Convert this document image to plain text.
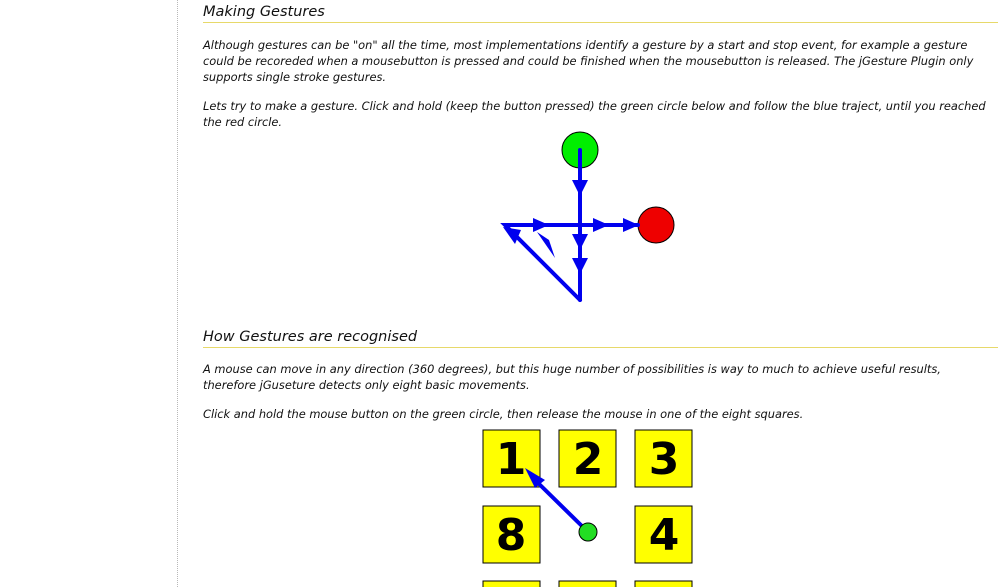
Making Gestures

Although gestures can be "on" all the time, most implementations identify a gesture by a start and stop event, for example a gesture could be recoreded when a mousebutton is pressed and could be finished when the mousebutton is released. The jGesture Plugin only supports single stroke gestures.

Lets try to make a gesture. Click and hold (keep the button pressed) the green circle below and follow the blue traject, until you reached the red circle.

How Gestures are recognised

A mouse can move in any direction (360 degrees), but this huge number of possibilities is way to much to achieve useful results, therefore jGuseture detects only eight basic movements.

Click and hold the mouse button on the green circle, then release the mouse in one of the eight squares.

1 2 3
8	4
